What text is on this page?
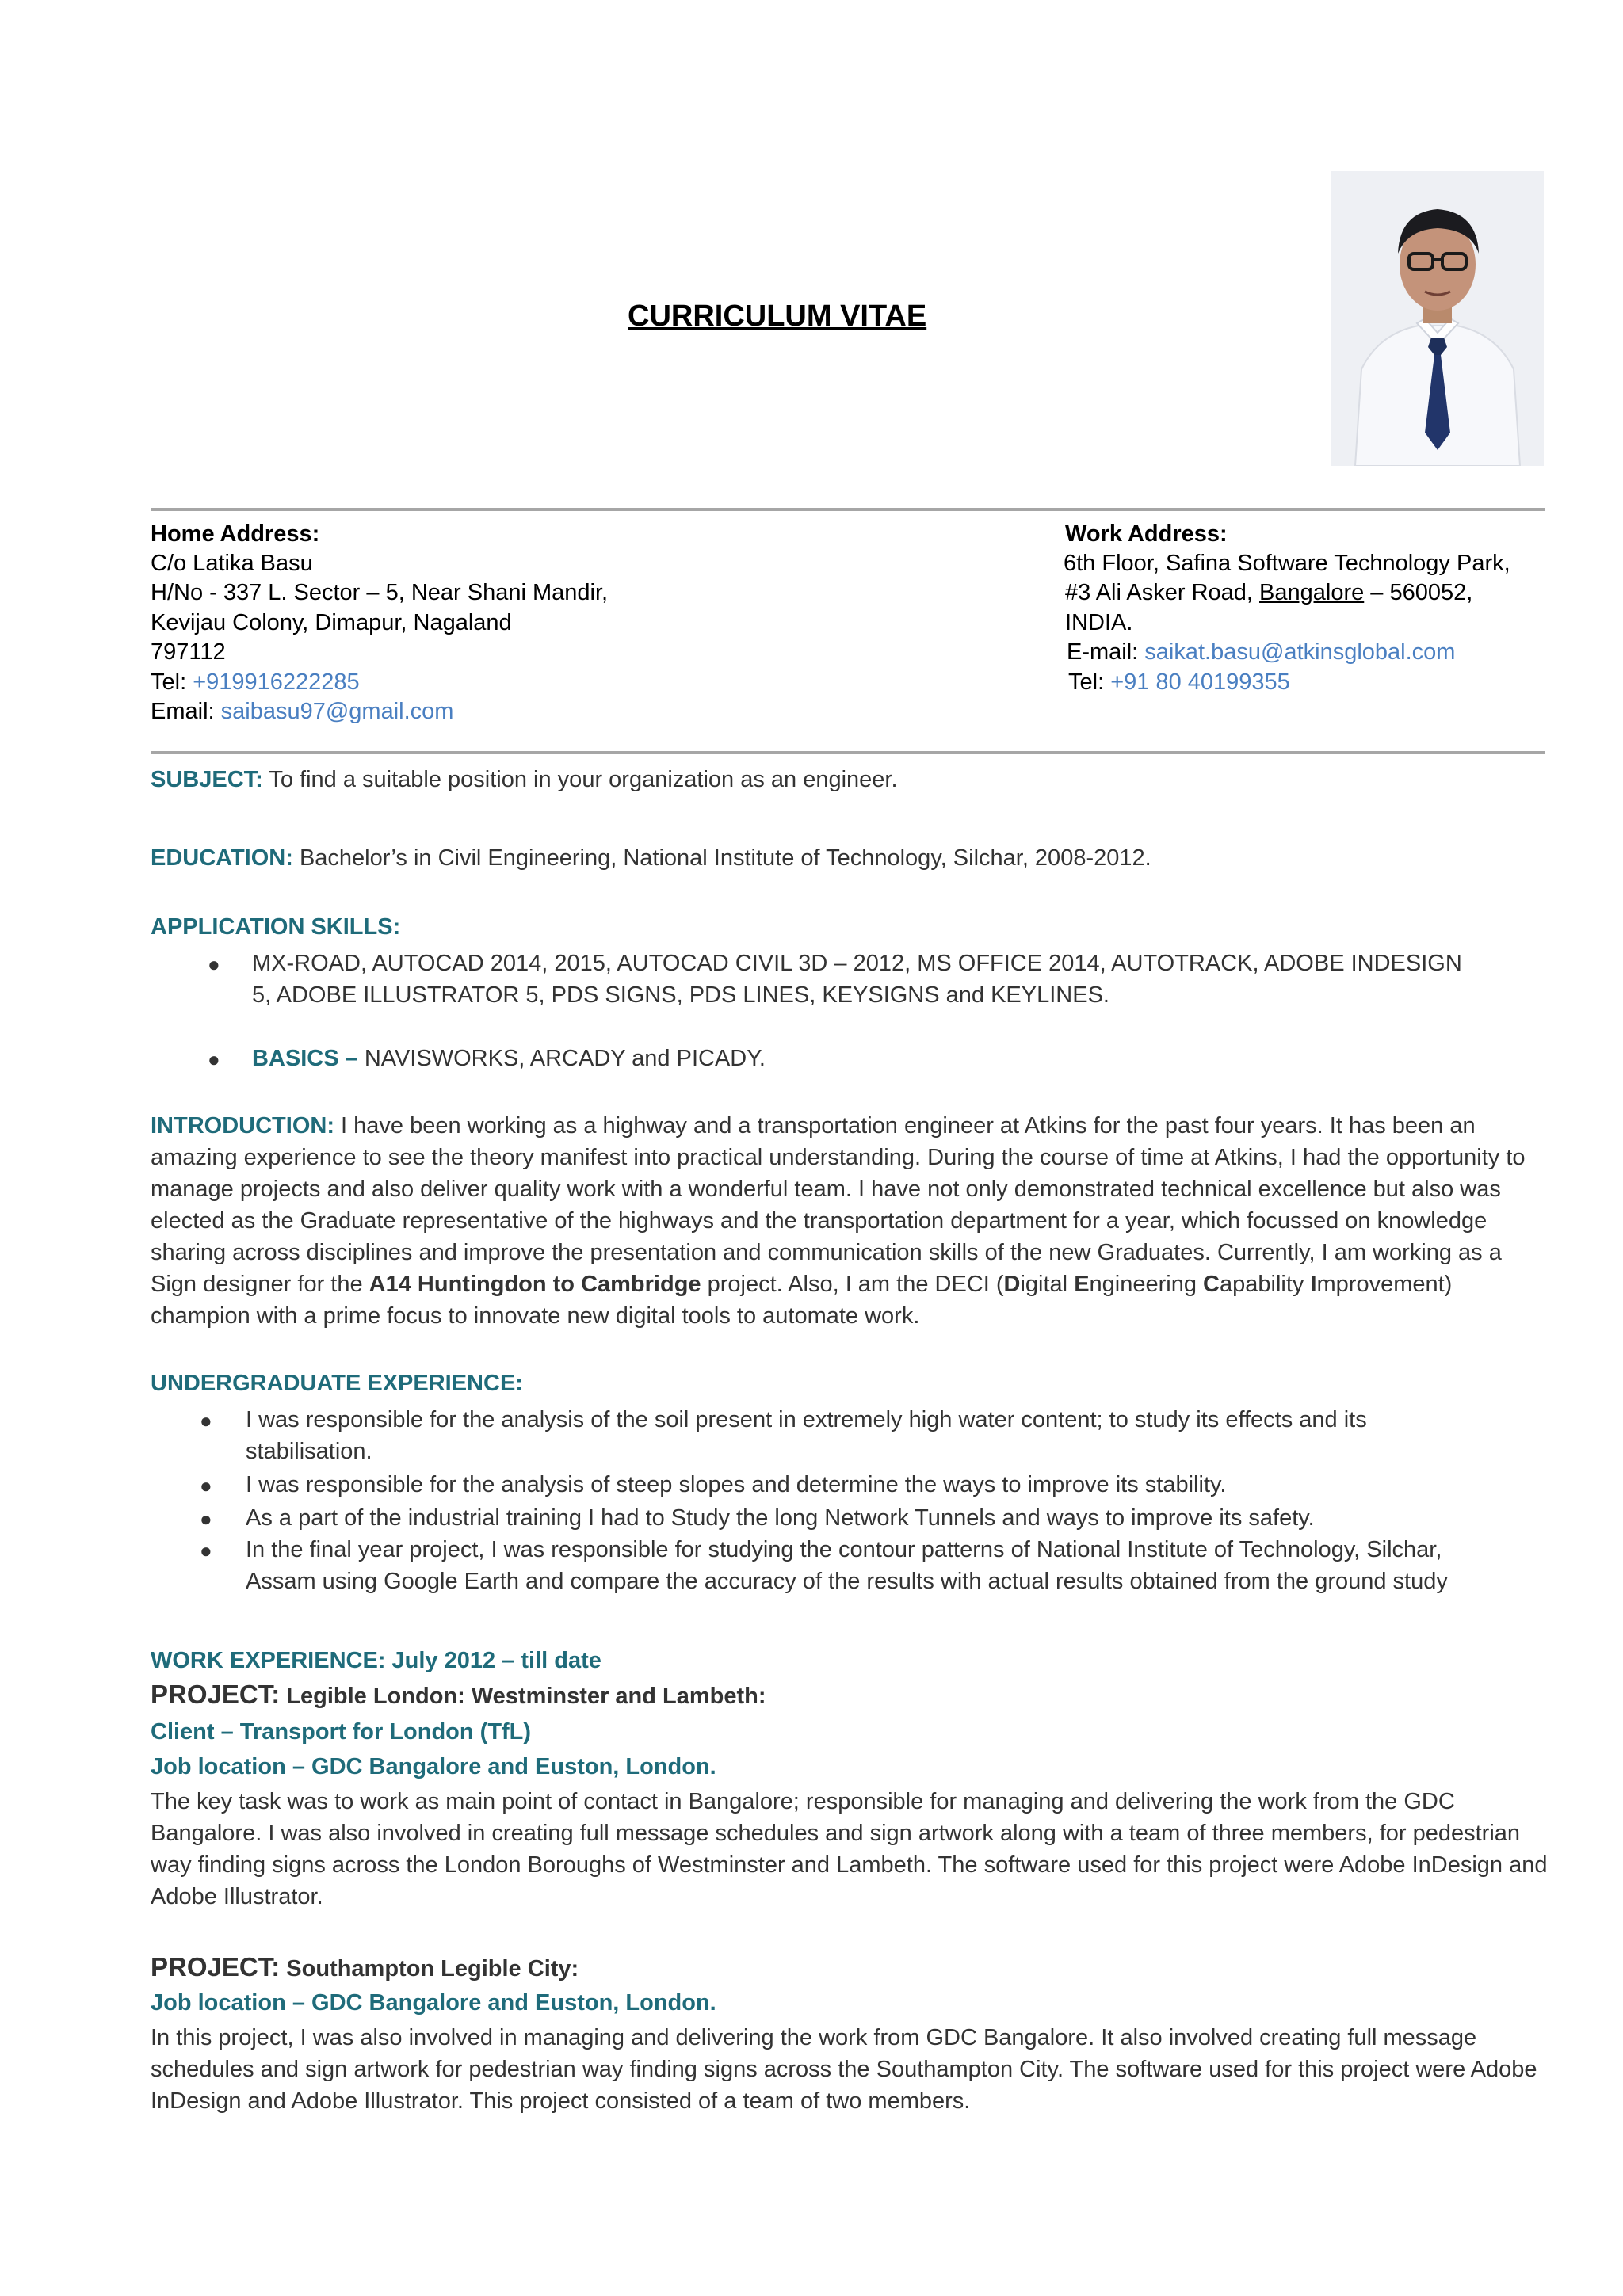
CURRICULUM VITAE
Home Address:
C/o Latika Basu
H/No - 337 L. Sector – 5, Near Shani Mandir,
Kevijau Colony, Dimapur, Nagaland
797112
Tel: +919916222285
Email: saibasu97@gmail.com
Work Address:
6th Floor, Safina Software Technology Park,
#3 Ali Asker Road, Bangalore – 560052,
INDIA.
E-mail: saikat.basu@atkinsglobal.com
Tel: +91 80 40199355
SUBJECT: To find a suitable position in your organization as an engineer.
EDUCATION: Bachelor’s in Civil Engineering, National Institute of Technology, Silchar, 2008-2012.
APPLICATION SKILLS:
● MX-ROAD, AUTOCAD 2014, 2015, AUTOCAD CIVIL 3D – 2012, MS OFFICE 2014, AUTOTRACK, ADOBE INDESIGN
5, ADOBE ILLUSTRATOR 5, PDS SIGNS, PDS LINES, KEYSIGNS and KEYLINES.
● BASICS – NAVISWORKS, ARCADY and PICADY.
INTRODUCTION: I have been working as a highway and a transportation engineer at Atkins for the past four years. It has been an amazing experience to see the theory manifest into practical understanding. During the course of time at Atkins, I had the opportunity to manage projects and also deliver quality work with a wonderful team. I have not only demonstrated technical excellence but also was elected as the Graduate representative of the highways and the transportation department for a year, which focussed on knowledge sharing across disciplines and improve the presentation and communication skills of the new Graduates. Currently, I am working as a Sign designer for the A14 Huntingdon to Cambridge project. Also, I am the DECI (Digital Engineering Capability Improvement) champion with a prime focus to innovate new digital tools to automate work.
UNDERGRADUATE EXPERIENCE:
● I was responsible for the analysis of the soil present in extremely high water content; to study its effects and its
stabilisation.
● I was responsible for the analysis of steep slopes and determine the ways to improve its stability.
● As a part of the industrial training I had to Study the long Network Tunnels and ways to improve its safety.
● In the final year project, I was responsible for studying the contour patterns of National Institute of Technology, Silchar,
Assam using Google Earth and compare the accuracy of the results with actual results obtained from the ground study
WORK EXPERIENCE: July 2012 – till date
PROJECT: Legible London: Westminster and Lambeth:
Client – Transport for London (TfL)
Job location – GDC Bangalore and Euston, London.
The key task was to work as main point of contact in Bangalore; responsible for managing and delivering the work from the GDC Bangalore. I was also involved in creating full message schedules and sign artwork along with a team of three members, for pedestrian way finding signs across the London Boroughs of Westminster and Lambeth. The software used for this project were Adobe InDesign and Adobe Illustrator.
PROJECT: Southampton Legible City:
Job location – GDC Bangalore and Euston, London.
In this project, I was also involved in managing and delivering the work from GDC Bangalore. It also involved creating full message schedules and sign artwork for pedestrian way finding signs across the Southampton City. The software used for this project were Adobe InDesign and Adobe Illustrator. This project consisted of a team of two members.
